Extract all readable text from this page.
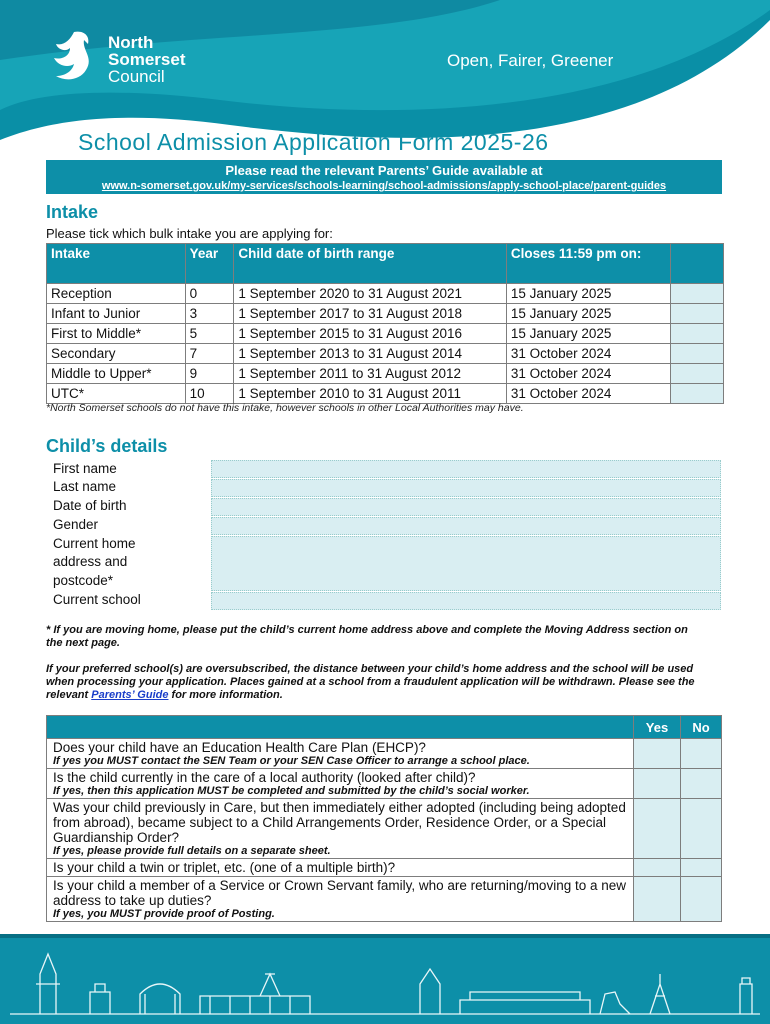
North
Somerset
Council
Open, Fairer, Greener
School Admission Application Form 2025-26
Please read the relevant Parents’ Guide available at
www.n-somerset.gov.uk/my-services/schools-learning/school-admissions/apply-school-place/parent-guides
Intake
Please tick which bulk intake you are applying for:
Intake	Year	Child date of birth range	Closes 11:59 pm on:	
Reception	0	1 September 2020 to 31 August 2021	15 January 2025	
Infant to Junior	3	1 September 2017 to 31 August 2018	15 January 2025	
First to Middle*	5	1 September 2015 to 31 August 2016	15 January 2025	
Secondary	7	1 September 2013 to 31 August 2014	31 October 2024	
Middle to Upper*	9	1 September 2011 to 31 August 2012	31 October 2024	
UTC*	10	1 September 2010 to 31 August 2011	31 October 2024	
*North Somerset schools do not have this intake, however schools in other Local Authorities may have.
Child’s details
First name
Last name
Date of birth
Gender
Current home
address and
postcode*
Current school
* If you are moving home, please put the child’s current home address above and complete the Moving Address section on the next page.
If your preferred school(s) are oversubscribed, the distance between your child’s home address and the school will be used when processing your application. Places gained at a school from a fraudulent application will be withdrawn. Please see the relevant Parents’ Guide for more information.
	Yes	No
Does your child have an Education Health Care Plan (EHCP)?
If yes you MUST contact the SEN Team or your SEN Case Officer to arrange a school place.		

Is the child currently in the care of a local authority (looked after child)?
If yes, then this application MUST be completed and submitted by the child’s social worker.		

Was your child previously in Care, but then immediately either adopted (including being adopted from abroad), became subject to a Child Arrangements Order, Residence Order, or a Special Guardianship Order?
If yes, please provide full details on a separate sheet.		

Is your child a twin or triplet, etc. (one of a multiple birth)?		
Is your child a member of a Service or Crown Servant family, who are returning/moving to a new address to take up duties?
If yes, you MUST provide proof of Posting.		
